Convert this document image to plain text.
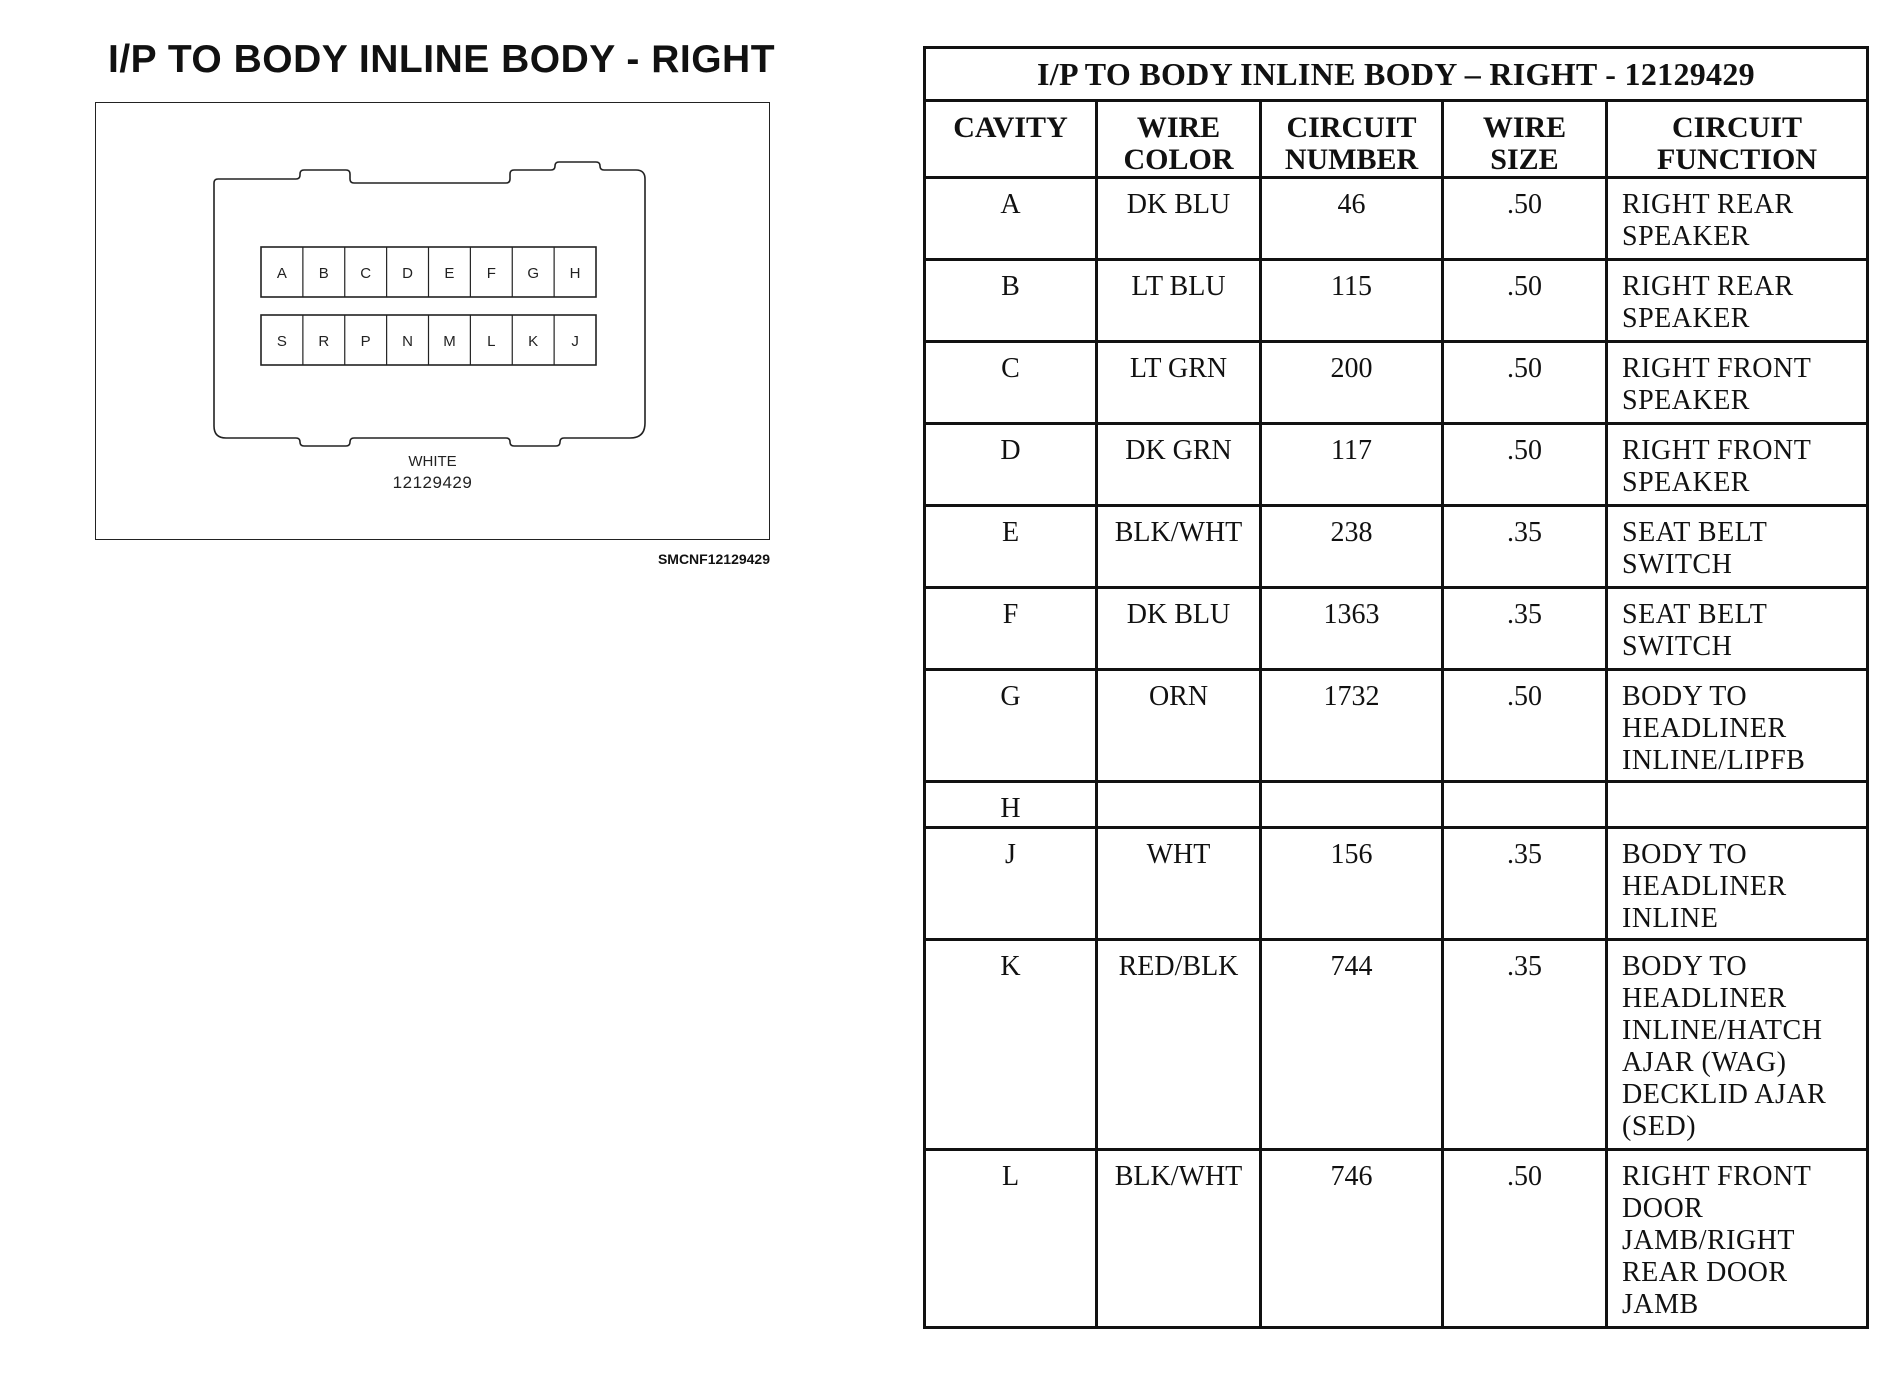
I/P TO BODY INLINE BODY - RIGHT
A B C D E F G H
S R P N M L K J
WHITE
12129429
SMCNF12129429
I/P TO BODY INLINE BODY – RIGHT - 12129429				
CAVITY	WIRE COLOR	CIRCUIT NUMBER	WIRE SIZE	CIRCUIT FUNCTION
A	DK BLU	46	.50	RIGHT REAR SPEAKER
B	LT BLU	115	.50	RIGHT REAR SPEAKER
C	LT GRN	200	.50	RIGHT FRONT SPEAKER
D	DK GRN	117	.50	RIGHT FRONT SPEAKER
E	BLK/WHT	238	.35	SEAT BELT SWITCH
F	DK BLU	1363	.35	SEAT BELT SWITCH
G	ORN	1732	.50	BODY TO HEADLINER INLINE/LIPFB
H				
J	WHT	156	.35	BODY TO HEADLINER INLINE
K	RED/BLK	744	.35	BODY TO HEADLINER INLINE/HATCH AJAR (WAG) DECKLID AJAR (SED)
L	BLK/WHT	746	.50	RIGHT FRONT DOOR JAMB/RIGHT REAR DOOR JAMB
